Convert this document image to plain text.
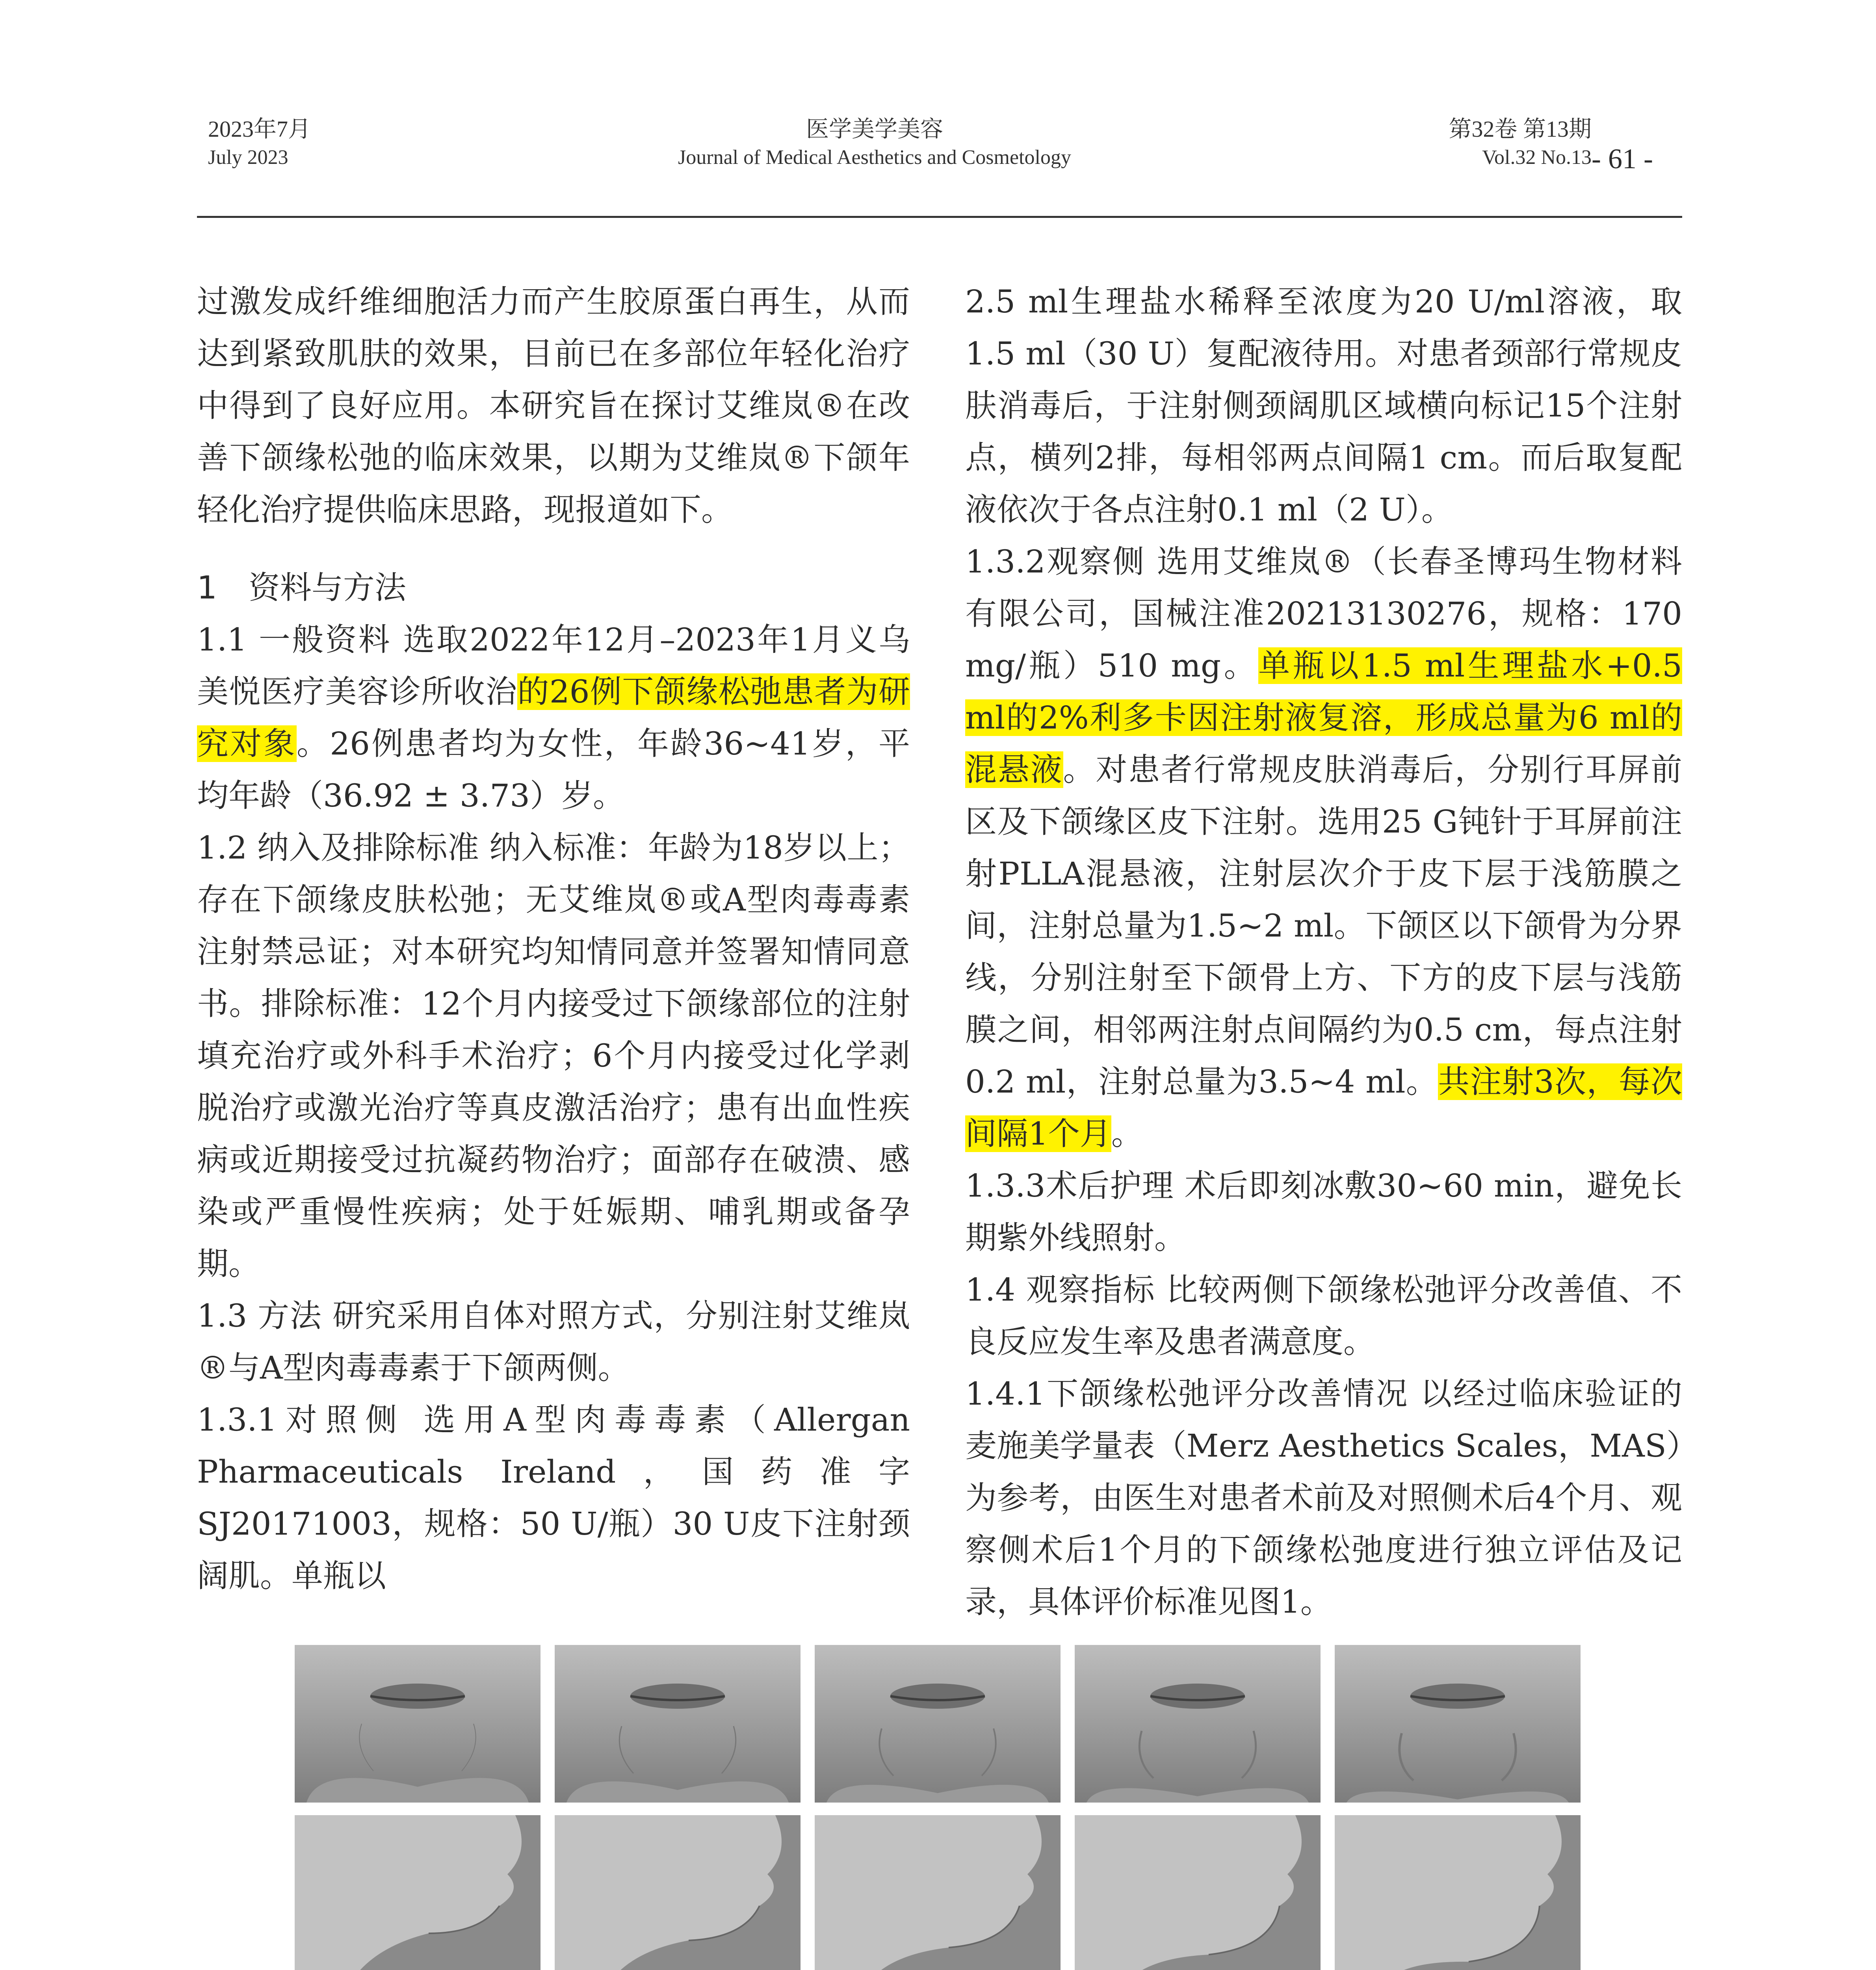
2023年7月
July 2023
医学美学美容
Journal of Medical Aesthetics and Cosmetology
第32卷 第13期
Vol.32 No.13 - 61 -

过激发成纤维细胞活力而产生胶原蛋白再生，从而达到紧致肌肤的效果，目前已在多部位年轻化治疗中得到了良好应用。本研究旨在探讨艾维岚®在改善下颌缘松弛的临床效果，以期为艾维岚®下颌年轻化治疗提供临床思路，现报道如下。

1　资料与方法

1.1 一般资料 选取2022年12月–2023年1月义乌美悦医疗美容诊所收治的26例下颌缘松弛患者为研究对象。26例患者均为女性，年龄36~41岁，平均年龄（36.92 ± 3.73）岁。

1.2 纳入及排除标准 纳入标准：年龄为18岁以上；存在下颌缘皮肤松弛；无艾维岚®或A型肉毒毒素注射禁忌证；对本研究均知情同意并签署知情同意书。排除标准：12个月内接受过下颌缘部位的注射填充治疗或外科手术治疗；6个月内接受过化学剥脱治疗或激光治疗等真皮激活治疗；患有出血性疾病或近期接受过抗凝药物治疗；面部存在破溃、感染或严重慢性疾病；处于妊娠期、哺乳期或备孕期。

1.3 方法 研究采用自体对照方式，分别注射艾维岚®与A型肉毒毒素于下颌两侧。

1.3.1对照侧 选用A型肉毒毒素（Allergan Pharmaceuticals Ireland，国药准字SJ20171003，规格：50 U/瓶）30 U皮下注射颈阔肌。单瓶以

2.5 ml生理盐水稀释至浓度为20 U/ml溶液，取1.5 ml（30 U）复配液待用。对患者颈部行常规皮肤消毒后，于注射侧颈阔肌区域横向标记15个注射点，横列2排，每相邻两点间隔1 cm。而后取复配液依次于各点注射0.1 ml（2 U）。

1.3.2观察侧 选用艾维岚®（长春圣博玛生物材料有限公司，国械注准20213130276，规格：170 mg/瓶）510 mg。单瓶以1.5 ml生理盐水+0.5 ml的2%利多卡因注射液复溶，形成总量为6 ml的混悬液。对患者行常规皮肤消毒后，分别行耳屏前区及下颌缘区皮下注射。选用25 G钝针于耳屏前注射PLLA混悬液，注射层次介于皮下层于浅筋膜之间，注射总量为1.5~2 ml。下颌区以下颌骨为分界线，分别注射至下颌骨上方、下方的皮下层与浅筋膜之间，相邻两注射点间隔约为0.5 cm，每点注射0.2 ml，注射总量为3.5~4 ml。共注射3次，每次间隔1个月。

1.3.3术后护理 术后即刻冰敷30~60 min，避免长期紫外线照射。

1.4 观察指标 比较两侧下颌缘松弛评分改善值、不良反应发生率及患者满意度。

1.4.1下颌缘松弛评分改善情况 以经过临床验证的麦施美学量表（Merz Aesthetics Scales，MAS）为参考，由医生对患者术前及对照侧术后4个月、观察侧术后1个月的下颌缘松弛度进行独立评估及记录，具体评价标准见图1。
